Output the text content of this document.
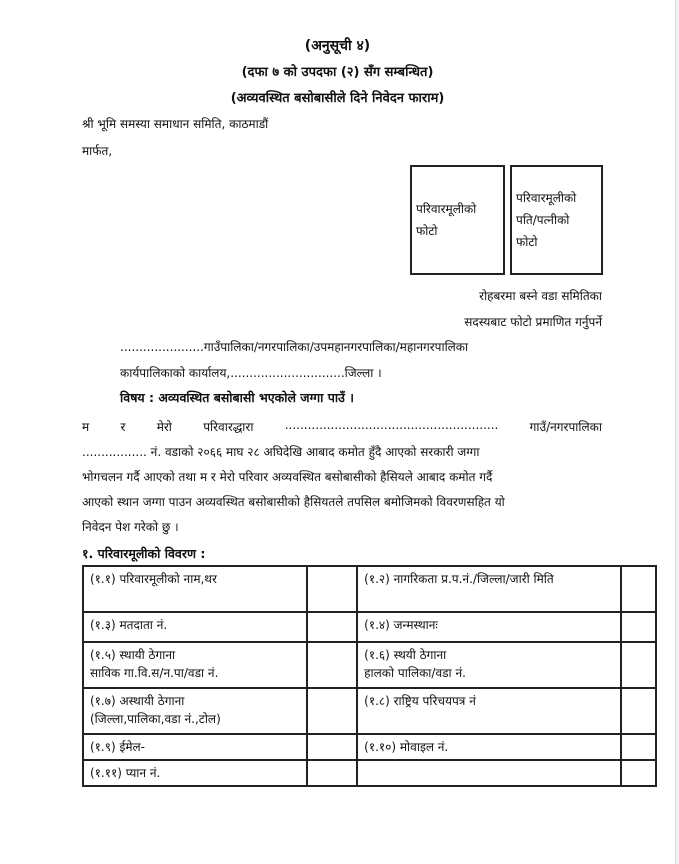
(अनुसूची ४)
(दफा ७ को उपदफा (२) सँग सम्बन्धित)
(अव्यवस्थित बसोबासीले दिने निवेदन फाराम)
श्री भूमि समस्या समाधान समिति, काठमाडौं
मार्फत,
परिवारमूलीको
फोटो
परिवारमूलीको
पति/पत्नीको
फोटो
रोहबरमा बस्ने वडा समितिका
सदस्यबाट फोटो प्रमाणित गर्नुपर्ने
......................गाउँपालिका/नगरपालिका/उपमहानगरपालिका/महानगरपालिका
कार्यपालिकाको कार्यालय,..............................जिल्ला ।
विषय : अव्यवस्थित बसोबासी भएकोले जग्गा पाउँ ।
म	र	मेरो	परिवारद्धारा	........................................................	गाउँ/नगरपालिका
................. नं. वडाको २०६६ माघ २८ अघिदेखि आबाद कमोत हुँदै आएको सरकारी जग्गा
भोगचलन गर्दै आएको तथा म र मेरो परिवार अव्यवस्थित बसोबासीको हैसियले आबाद कमोत गर्दै
आएको स्थान जग्गा पाउन अव्यवस्थित बसोबासीको हैसियतले तपसिल बमोजिमको विवरणसहित यो
निवेदन पेश गरेको छु ।
१. परिवारमूलीको विवरण :
(१.१) परिवारमूलीको नाम,थर		(१.२) नागरिकता प्र.प.नं./जिल्ला/जारी मिति	
(१.३) मतदाता नं.		(१.४) जन्मस्थानः	
(१.५) स्थायी ठेगाना
साविक गा.वि.स/न.पा/वडा नं.		(१.६) स्थयी ठेगाना
हालको पालिका/वडा नं.	
(१.७) अस्थायी ठेगाना
(जिल्ला,पालिका,वडा नं.,टोल)		(१.८) राष्ट्रिय परिचयपत्र नं	
(१.९) ईमेल-		(१.१०) मोवाइल नं.	
(१.११) प्यान नं.			
